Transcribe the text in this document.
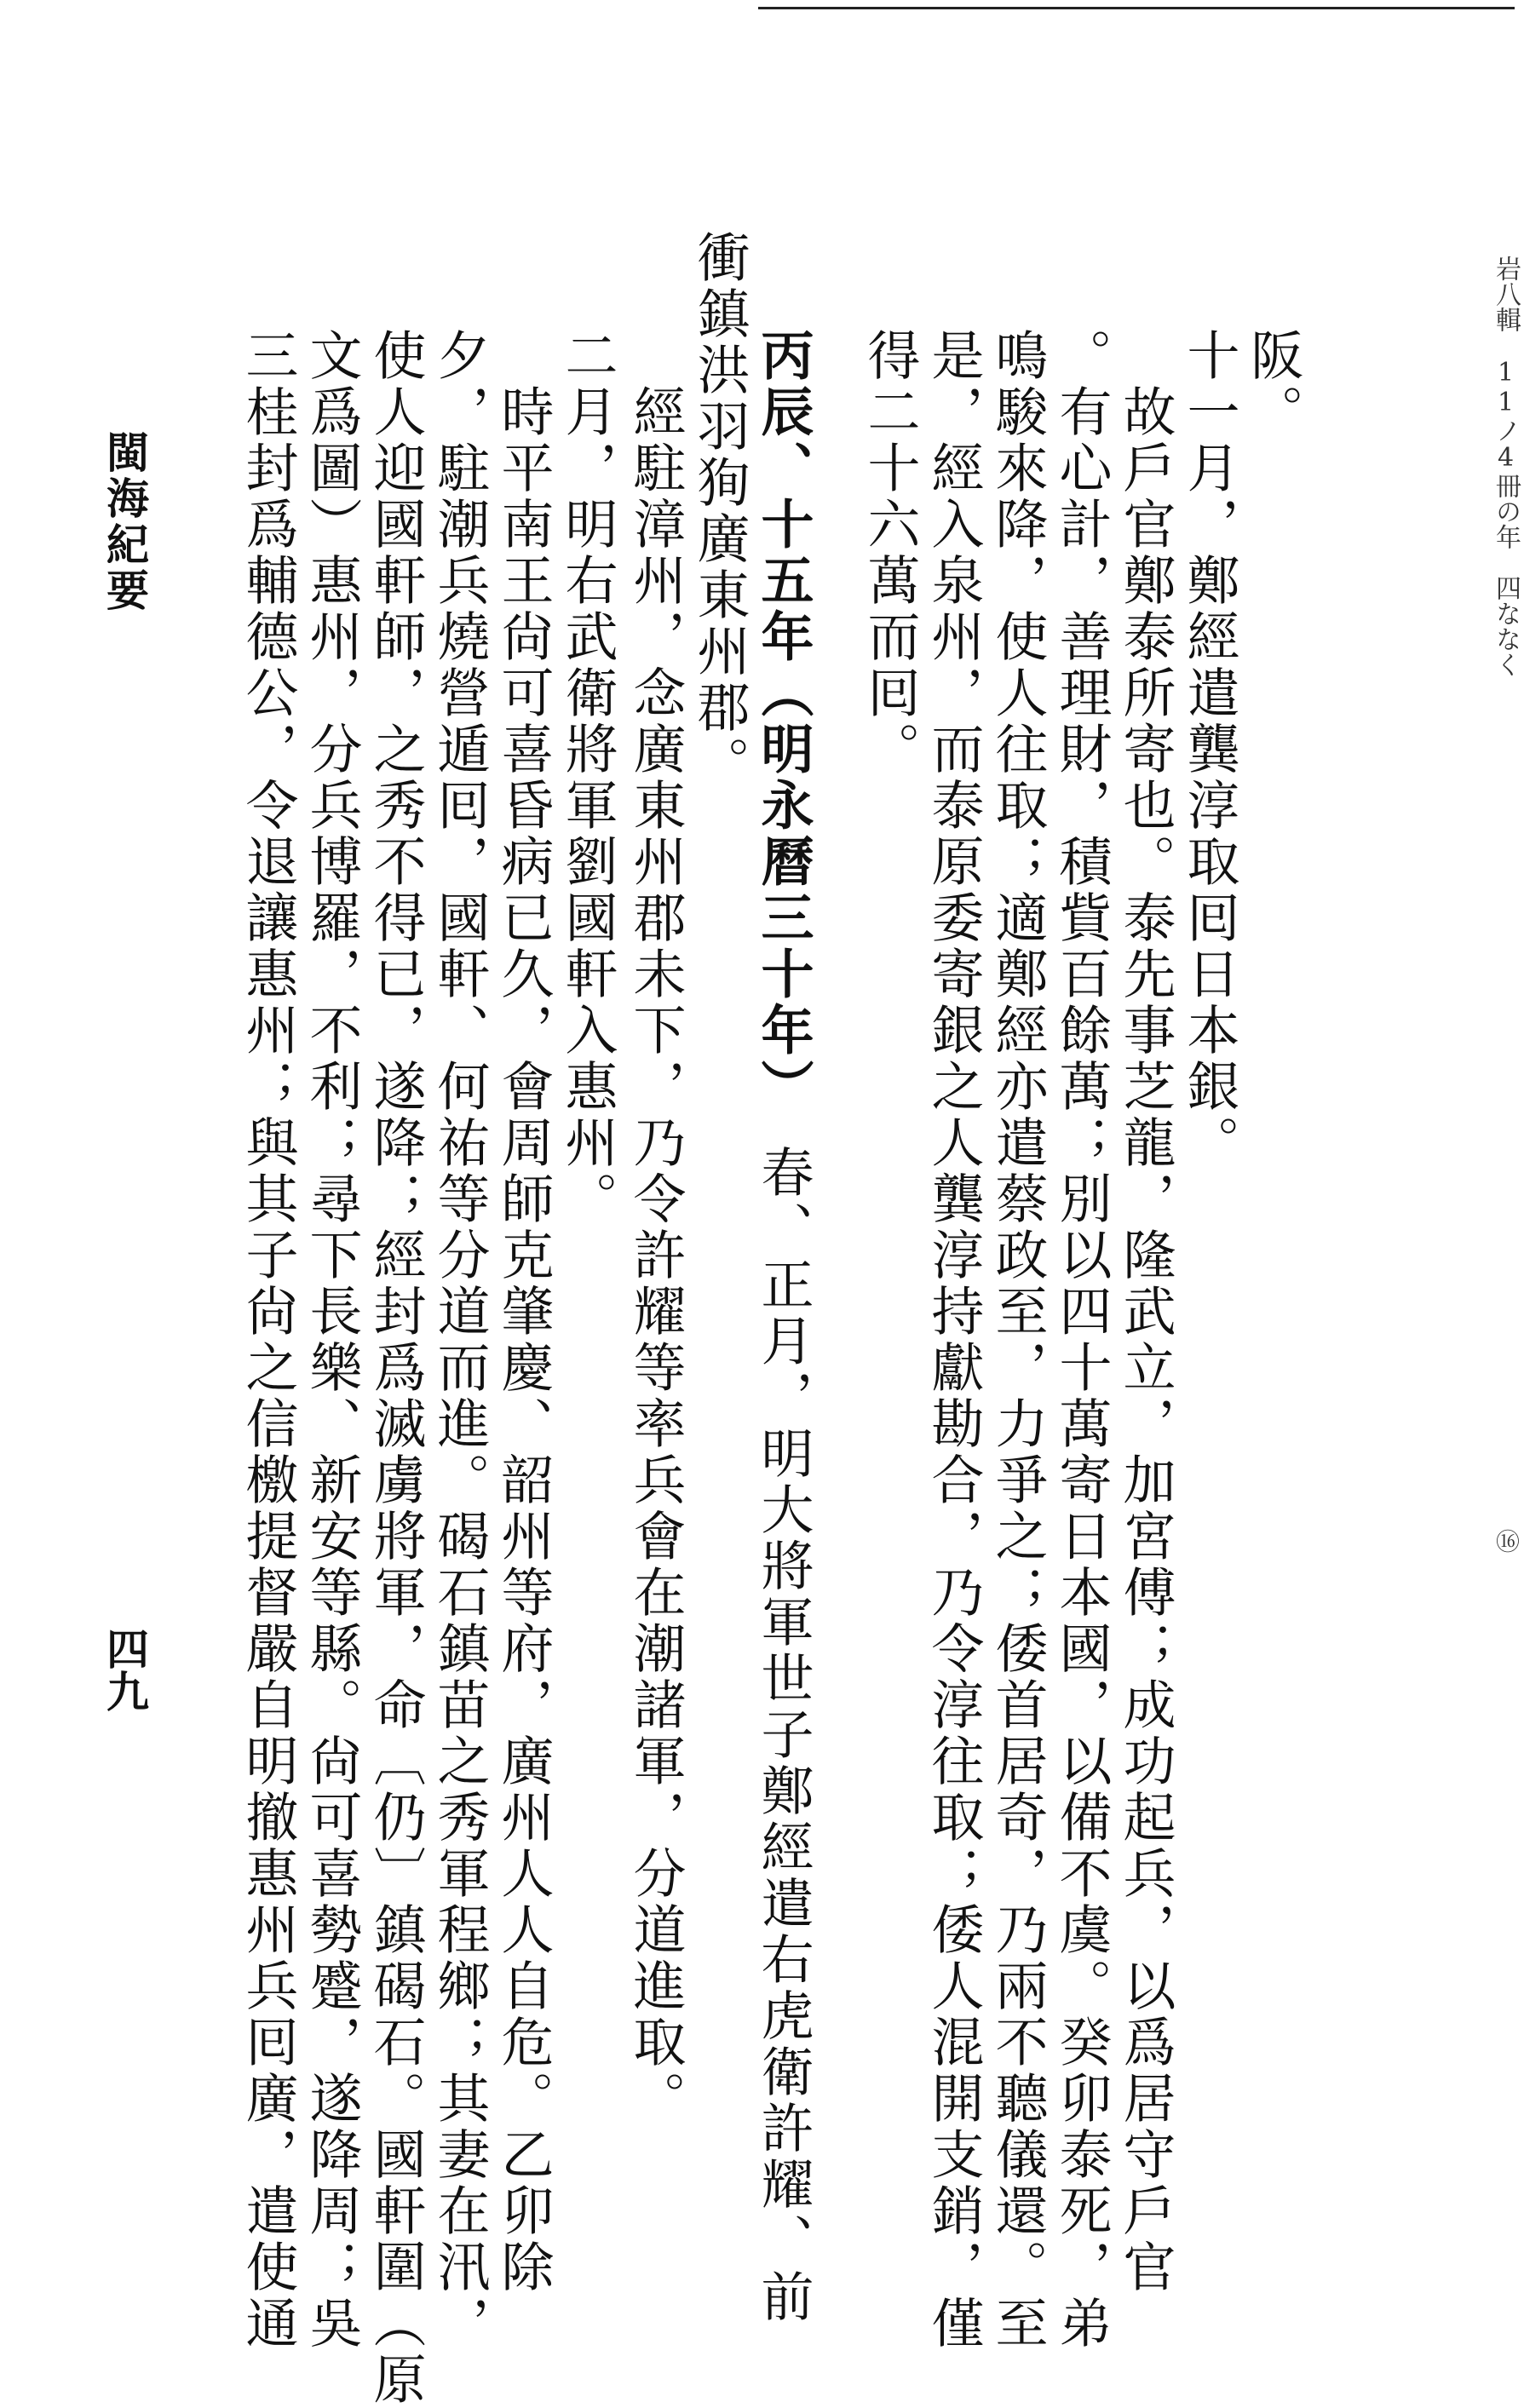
岩八輯　11ノ4冊の年　四ななく
⑯
阪。
十一月，鄭經遣龔淳取囘日本銀。
　故戶官鄭泰所寄也。泰先事芝龍，隆武立，加宮傅；成功起兵，以爲居守戶官
。有心計，善理財，積貲百餘萬；別以四十萬寄日本國，以備不虞。癸卯泰死，弟
鳴駿來降，使人往取；適鄭經亦遣蔡政至，力爭之；倭首居奇，乃兩不聽儀還。至
是，經入泉州，而泰原委寄銀之人龔淳持獻勘合，乃令淳往取；倭人混開支銷，僅
得二十六萬而囘。
丙辰、十五年（明永曆三十年）　春、正月，明大將軍世子鄭經遣右虎衛許耀、前
衝鎮洪羽狥廣東州郡。
　經駐漳州，念廣東州郡未下，乃令許耀等率兵會在潮諸軍，分道進取。
二月，明右武衛將軍劉國軒入惠州。
　時平南王尙可喜昏病已久，會周師克肇慶、韶州等府，廣州人人自危。乙卯除
夕，駐潮兵燒營遁囘，國軒、何祐等分道而進。碣石鎮苗之秀軍程鄉；其妻在汛，
使人迎國軒師，之秀不得已，遂降；經封爲滅虜將軍，命〔仍〕鎮碣石。國軒圍（原
文爲圖）惠州，分兵博羅，不利；尋下長樂、新安等縣。尙可喜勢蹙，遂降周；吳
三桂封爲輔德公，令退讓惠州；與其子尙之信檄提督嚴自明撤惠州兵囘廣，遣使通
閩海紀要
四九
